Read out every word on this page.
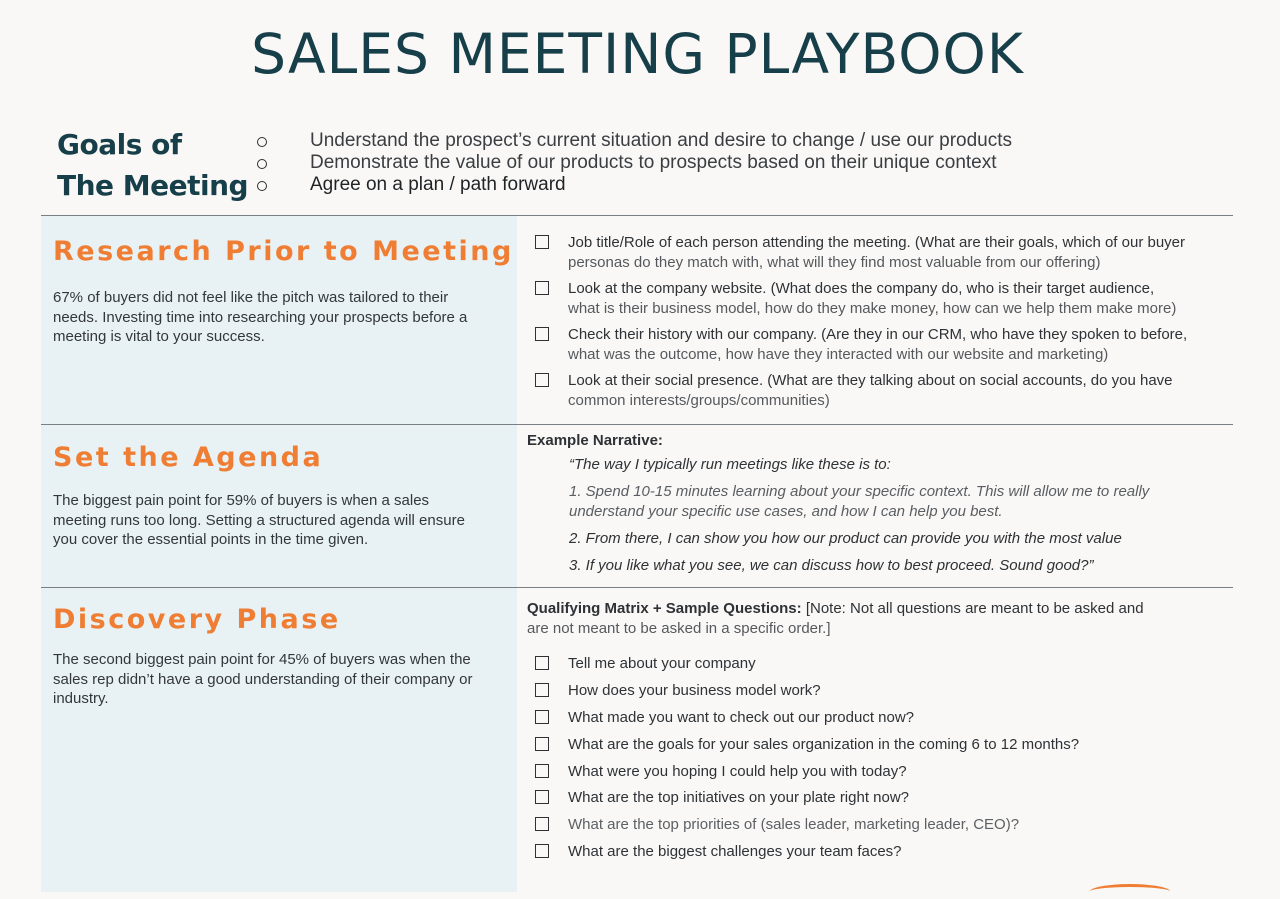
SALES MEETING PLAYBOOK
Goals of
The Meeting
Understand the prospect’s current situation and desire to change / use our products
Demonstrate the value of our products to prospects based on their unique context
Agree on a plan / path forward
Research Prior to Meeting
67% of buyers did not feel like the pitch was tailored to their needs. Investing time into researching your prospects before a meeting is vital to your success.
Job title/Role of each person attending the meeting. (What are their goals, which of our buyer
personas do they match with, what will they find most valuable from our offering)
Look at the company website. (What does the company do, who is their target audience,
what is their business model, how do they make money, how can we help them make more)
Check their history with our company. (Are they in our CRM, who have they spoken to before,
what was the outcome, how have they interacted with our website and marketing)
Look at their social presence. (What are they talking about on social accounts, do you have
common interests/groups/communities)
Set the Agenda
The biggest pain point for 59% of buyers is when a sales meeting runs too long. Setting a structured agenda will ensure you cover the essential points in the time given.
Example Narrative:
“The way I typically run meetings like these is to:
1. Spend 10-15 minutes learning about your specific context. This will allow me to really
understand your specific use cases, and how I can help you best.
2. From there, I can show you how our product can provide you with the most value
3. If you like what you see, we can discuss how to best proceed. Sound good?”
Discovery Phase
The second biggest pain point for 45% of buyers was when the sales rep didn’t have a good understanding of their company or industry.
Qualifying Matrix + Sample Questions: [Note: Not all questions are meant to be asked and
are not meant to be asked in a specific order.]
Tell me about your company
How does your business model work?
What made you want to check out our product now?
What are the goals for your sales organization in the coming 6 to 12 months?
What were you hoping I could help you with today?
What are the top initiatives on your plate right now?
What are the top priorities of (sales leader, marketing leader, CEO)?
What are the biggest challenges your team faces?
